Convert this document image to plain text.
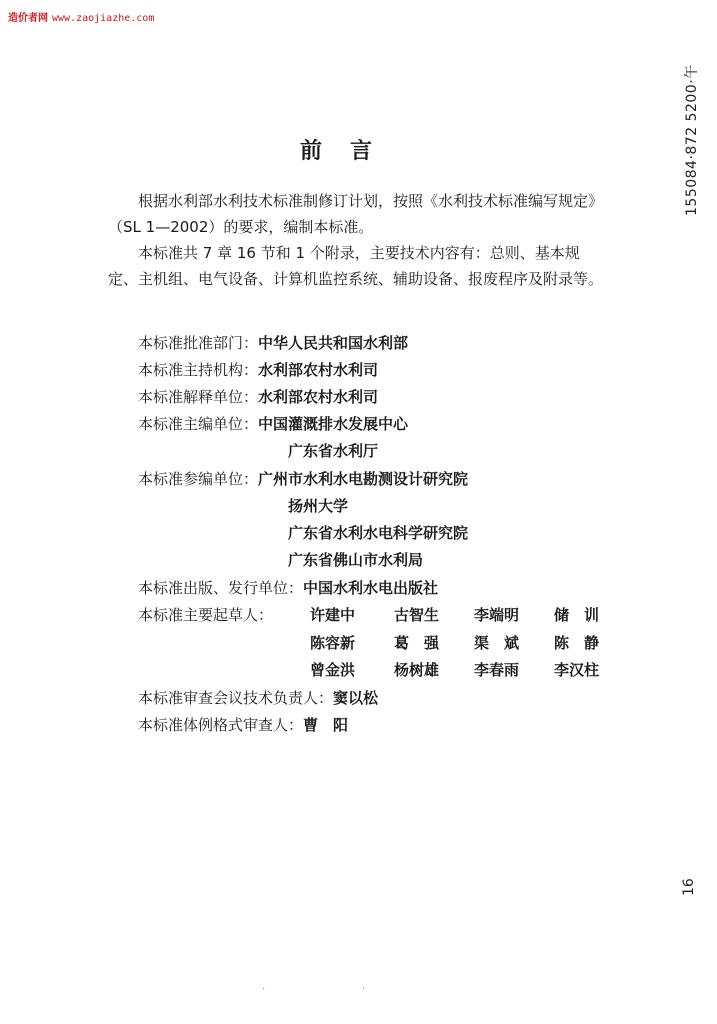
造价者网 www.zaojiazhe.com
155084·872 5200·午
16
前言

根据水利部水利技术标准制修订计划，按照《水利技术标准编写规定》（SL 1—2002）的要求，编制本标准。

本标准共 7 章 16 节和 1 个附录，主要技术内容有：总则、基本规定、主机组、电气设备、计算机监控系统、辅助设备、报废程序及附录等。

本标准批准部门：中华人民共和国水利部
本标准主持机构：水利部农村水利司
本标准解释单位：水利部农村水利司
本标准主编单位：中国灌溉排水发展中心
广东省水利厅
本标准参编单位：广州市水利水电勘测设计研究院
扬州大学
广东省水利水电科学研究院
广东省佛山市水利局
本标准出版、发行单位：中国水利水电出版社
本标准主要起草人： 许建中	古智生 李端明 储　训
陈容新	葛　强 渠　斌 陈　静
曾金洪	杨树雄 李春雨 李汉柱
本标准审查会议技术负责人：窦以松
本标准体例格式审查人：曹　阳
·	·
